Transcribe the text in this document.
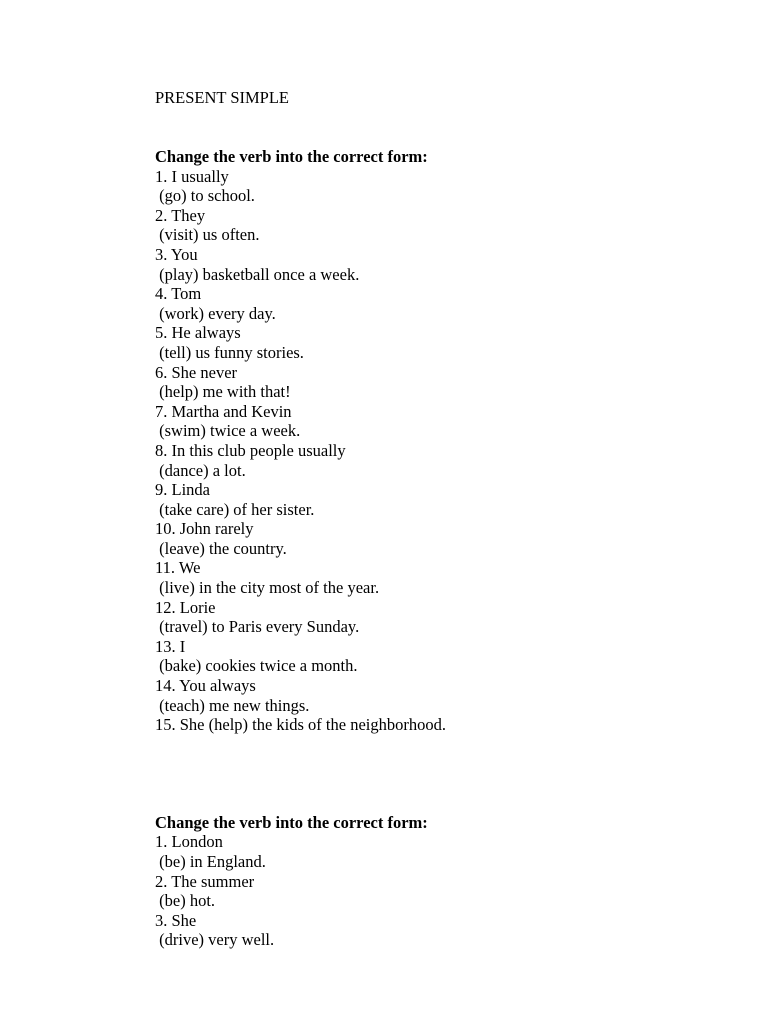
PRESENT SIMPLE
Change the verb into the correct form:
1. I usually
(go) to school.
2. They
(visit) us often.
3. You
(play) basketball once a week.
4. Tom
(work) every day.
5. He always
(tell) us funny stories.
6. She never
(help) me with that!
7. Martha and Kevin
(swim) twice a week.
8. In this club people usually
(dance) a lot.
9. Linda
(take care) of her sister.
10. John rarely
(leave) the country.
11. We
(live) in the city most of the year.
12. Lorie
(travel) to Paris every Sunday.
13. I
(bake) cookies twice a month.
14. You always
(teach) me new things.
15. She (help) the kids of the neighborhood.
Change the verb into the correct form:
1. London
(be) in England.
2. The summer
(be) hot.
3. She
(drive) very well.
